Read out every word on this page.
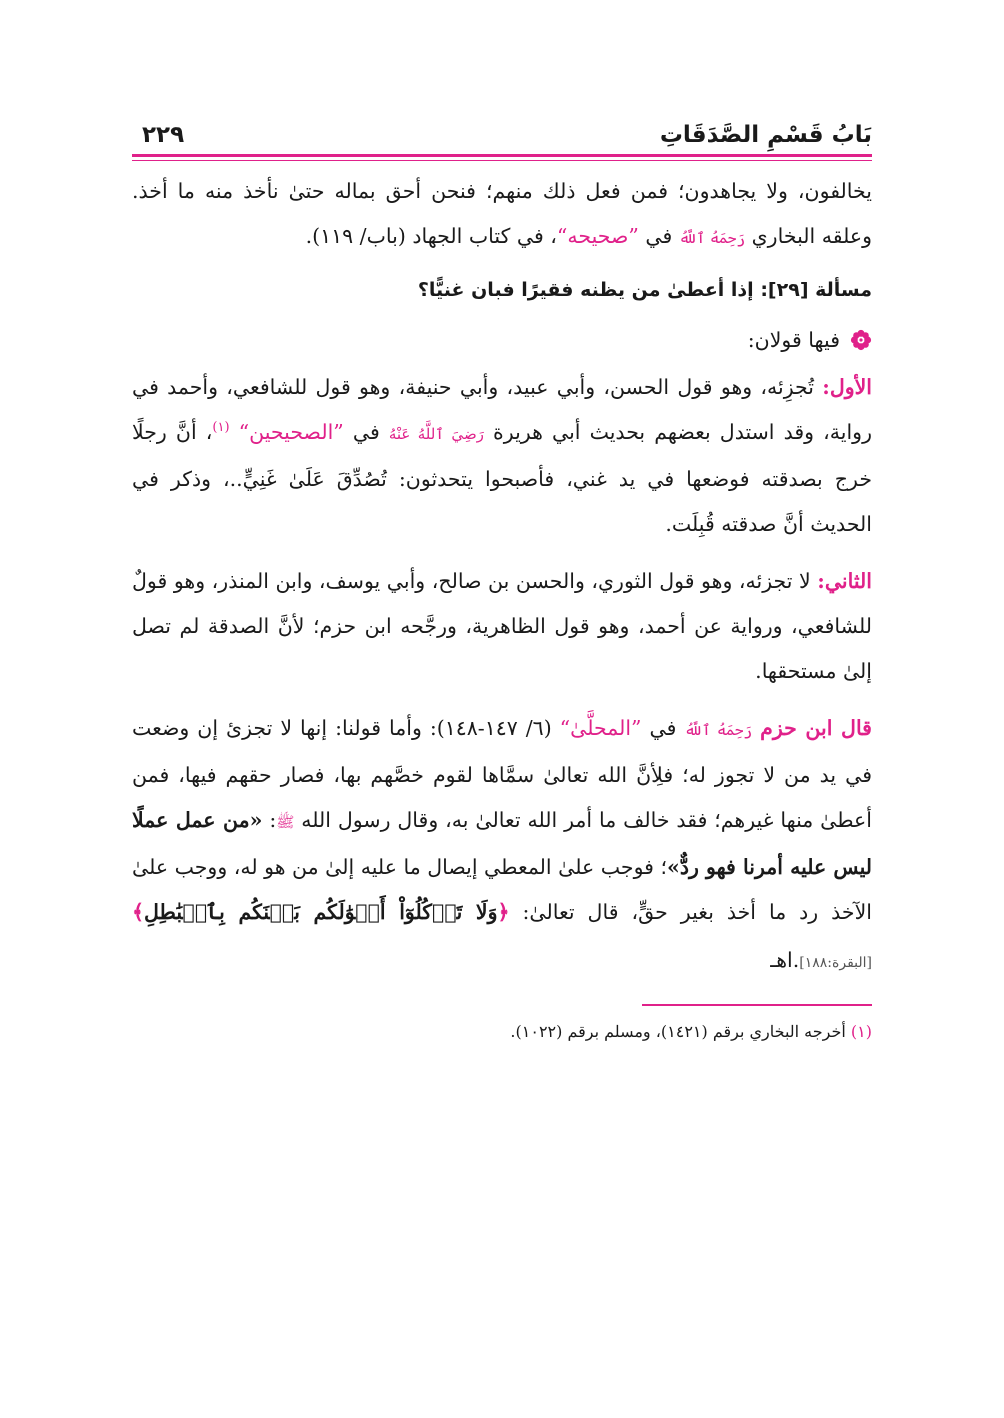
بَابُ قَسْمِ الصَّدَقَاتِ
٢٢٩

يخالفون، ولا يجاهدون؛ فمن فعل ذلك منهم؛ فنحن أحق بماله حتىٰ نأخذ منه ما أخذ. وعلقه البخاري رَحِمَهُ ٱللَّهُ في ”صحيحه“، في كتاب الجهاد (باب/ ١١٩).

مسألة [٢٩]: إذا أعطىٰ من يظنه فقيرًا فبان غنيًّا؟

فيها قولان:

الأول: تُجزِئه، وهو قول الحسن، وأبي عبيد، وأبي حنيفة، وهو قول للشافعي، وأحمد في رواية، وقد استدل بعضهم بحديث أبي هريرة رَضِيَ ٱللَّهُ عَنْهُ في ”الصحيحين“ $^{(١)}$، أنَّ رجلًا خرج بصدقته فوضعها في يد غني، فأصبحوا يتحدثون: تُصُدِّقَ عَلَىٰ غَنِيٍّ..، وذكر في الحديث أنَّ صدقته قُبِلَت.

الثاني: لا تجزئه، وهو قول الثوري، والحسن بن صالح، وأبي يوسف، وابن المنذر، وهو قولٌ للشافعي، ورواية عن أحمد، وهو قول الظاهرية، ورجَّحه ابن حزم؛ لأنَّ الصدقة لم تصل إلىٰ مستحقها.

قال ابن حزم رَحِمَهُ ٱللَّهُ في ”المحلَّىٰ“ (٦/ ١٤٧-١٤٨): وأما قولنا: إنها لا تجزئ إن وضعت في يد من لا تجوز له؛ فلِأنَّ الله تعالىٰ سمَّاها لقوم خصَّهم بها، فصار حقهم فيها، فمن أعطىٰ منها غيرهم؛ فقد خالف ما أمر الله تعالىٰ به، وقال رسول الله ﷺ: «من عمل عملًا ليس عليه أمرنا فهو ردٌّ»؛ فوجب علىٰ المعطي إيصال ما عليه إلىٰ من هو له، ووجب علىٰ الآخذ رد ما أخذ بغير حقٍّ، قال تعالىٰ: ﴿وَلَا تَأۡكُلُوٓاْ أَمۡوَٰلَكُم بَيۡنَكُم بِٱلۡبَٰطِلِ﴾ [البقرة:١٨٨].اهـ

(١) أخرجه البخاري برقم (١٤٢١)، ومسلم برقم (١٠٢٢).
